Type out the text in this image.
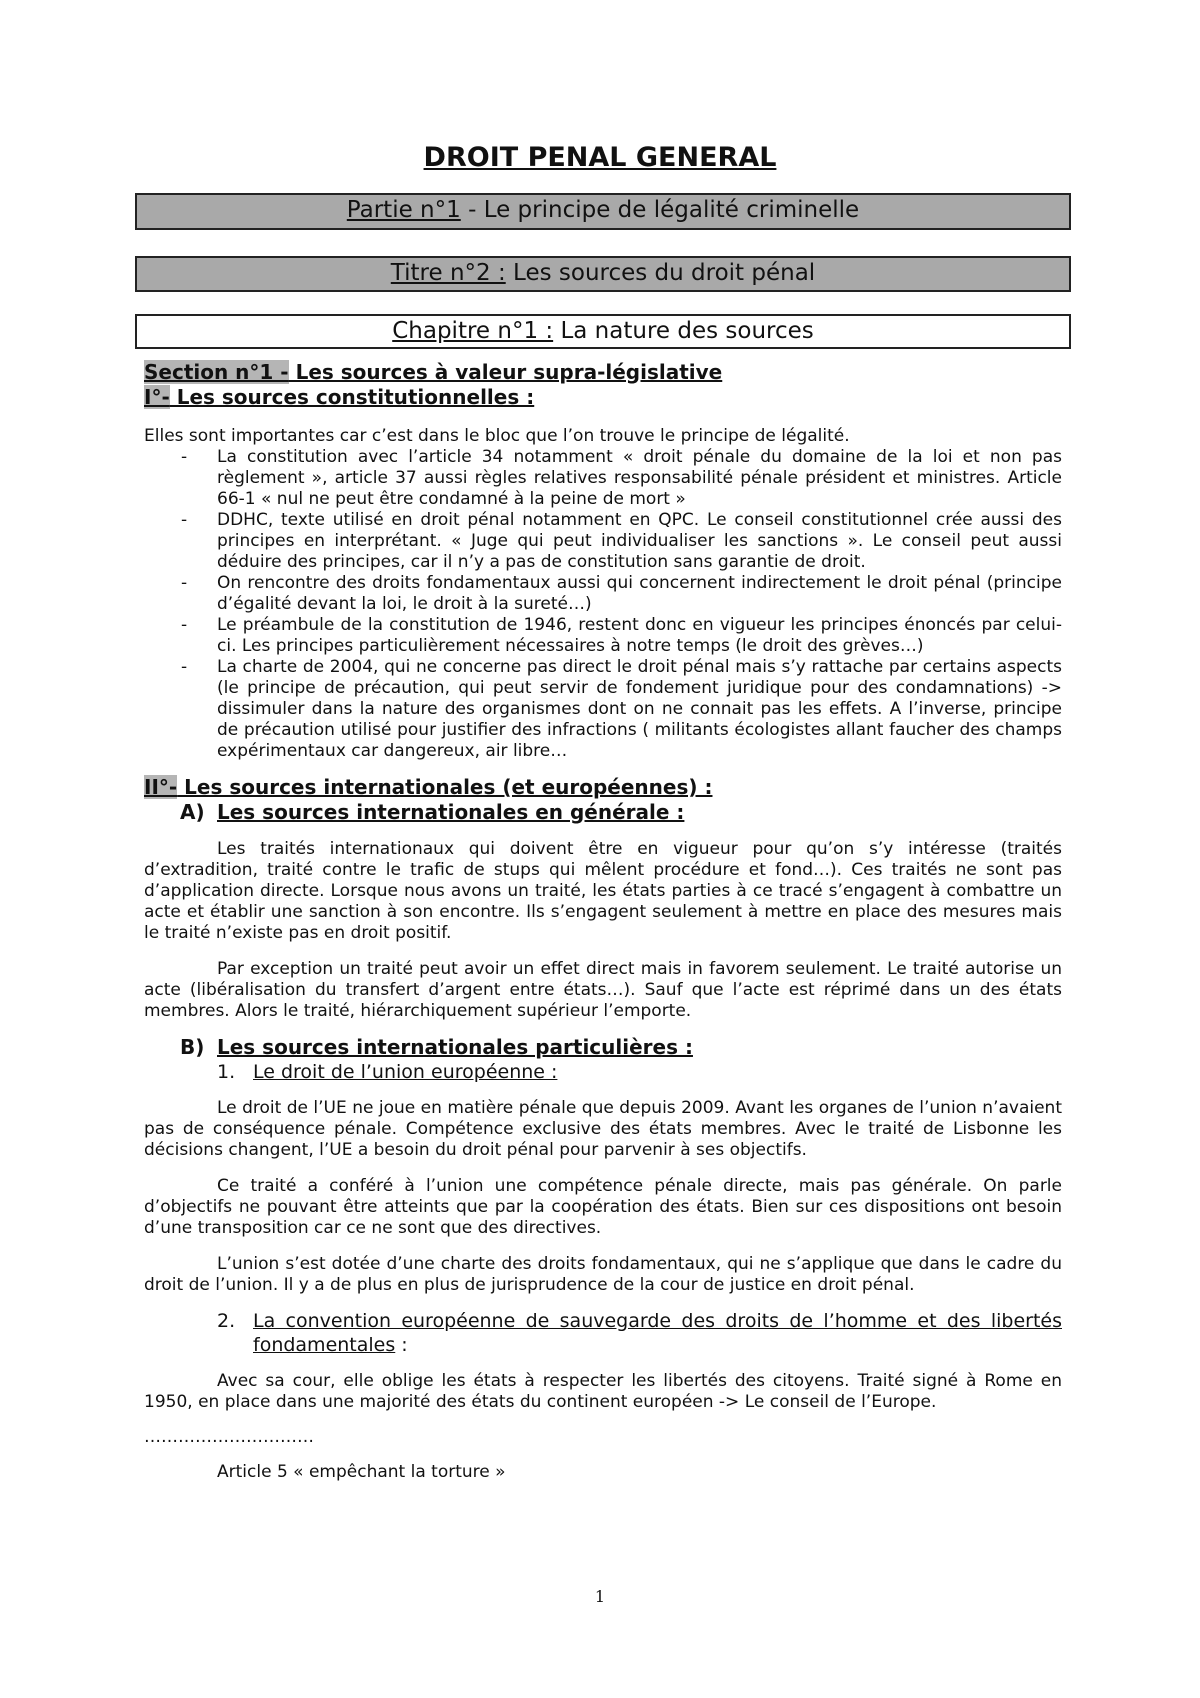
DROIT PENAL GENERAL
Partie n°1 - Le principe de légalité criminelle
Titre n°2 : Les sources du droit pénal
Chapitre n°1 : La nature des sources
Section n°1 - Les sources à valeur supra-législative
I°- Les sources constitutionnelles :

Elles sont importantes car c’est dans le bloc que l’on trouve le principe de légalité.

- La constitution avec l’article 34 notamment « droit pénale du domaine de la loi et non pas règlement », article 37 aussi règles relatives responsabilité pénale président et ministres. Article 66-1 « nul ne peut être condamné à la peine de mort »
- DDHC, texte utilisé en droit pénal notamment en QPC. Le conseil constitutionnel crée aussi des principes en interprétant. « Juge qui peut individualiser les sanctions ». Le conseil peut aussi déduire des principes, car il n’y a pas de constitution sans garantie de droit.
- On rencontre des droits fondamentaux aussi qui concernent indirectement le droit pénal (principe d’égalité devant la loi, le droit à la sureté…)
- Le préambule de la constitution de 1946, restent donc en vigueur les principes énoncés par celui- ci. Les principes particulièrement nécessaires à notre temps (le droit des grèves…)
- La charte de 2004, qui ne concerne pas direct le droit pénal mais s’y rattache par certains aspects (le principe de précaution, qui peut servir de fondement juridique pour des condamnations) -> dissimuler dans la nature des organismes dont on ne connait pas les effets. A l’inverse, principe de précaution utilisé pour justifier des infractions ( militants écologistes allant faucher des champs expérimentaux car dangereux, air libre…
II°- Les sources internationales (et européennes) :
A) Les sources internationales en générale :

Les traités internationaux qui doivent être en vigueur pour qu’on s’y intéresse (traités d’extradition, traité contre le trafic de stups qui mêlent procédure et fond…). Ces traités ne sont pas d’application directe. Lorsque nous avons un traité, les états parties à ce tracé s’engagent à combattre un acte et établir une sanction à son encontre. Ils s’engagent seulement à mettre en place des mesures mais le traité n’existe pas en droit positif.

Par exception un traité peut avoir un effet direct mais in favorem seulement. Le traité autorise un acte (libéralisation du transfert d’argent entre états…). Sauf que l’acte est réprimé dans un des états membres. Alors le traité, hiérarchiquement supérieur l’emporte.

B) Les sources internationales particulières :
1. Le droit de l’union européenne :

Le droit de l’UE ne joue en matière pénale que depuis 2009. Avant les organes de l’union n’avaient pas de conséquence pénale. Compétence exclusive des états membres. Avec le traité de Lisbonne les décisions changent, l’UE a besoin du droit pénal pour parvenir à ses objectifs.

Ce traité a conféré à l’union une compétence pénale directe, mais pas générale. On parle d’objectifs ne pouvant être atteints que par la coopération des états. Bien sur ces dispositions ont besoin d’une transposition car ce ne sont que des directives.

L’union s’est dotée d’une charte des droits fondamentaux, qui ne s’applique que dans le cadre du droit de l’union. Il y a de plus en plus de jurisprudence de la cour de justice en droit pénal.

2. La convention européenne de sauvegarde des droits de l’homme et des libertés fondamentales :

Avec sa cour, elle oblige les états à respecter les libertés des citoyens. Traité signé à Rome en 1950, en place dans une majorité des états du continent européen -> Le conseil de l’Europe.

…………………………

Article 5 « empêchant la torture »

1
